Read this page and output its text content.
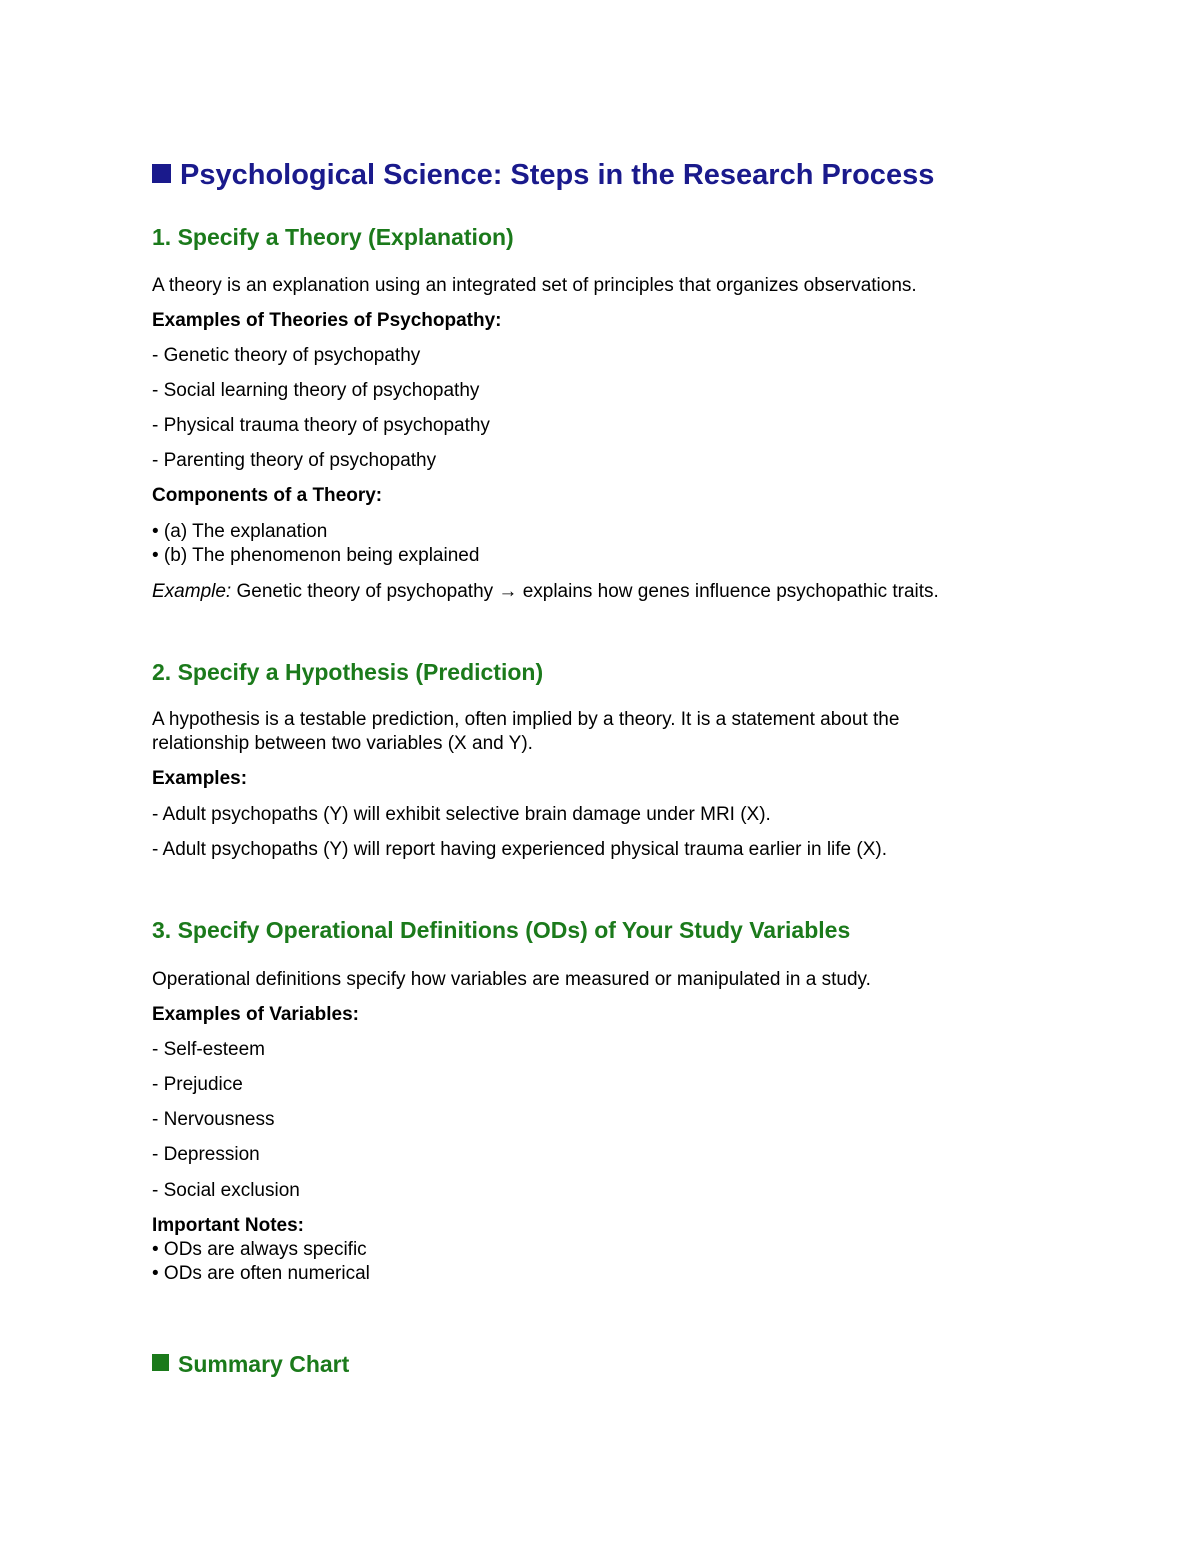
Psychological Science: Steps in the Research Process
1. Specify a Theory (Explanation)

A theory is an explanation using an integrated set of principles that organizes observations.

Examples of Theories of Psychopathy:

- Genetic theory of psychopathy

- Social learning theory of psychopathy

- Physical trauma theory of psychopathy

- Parenting theory of psychopathy

Components of a Theory:

• (a) The explanation

• (b) The phenomenon being explained

Example: Genetic theory of psychopathy → explains how genes influence psychopathic traits.

2. Specify a Hypothesis (Prediction)

A hypothesis is a testable prediction, often implied by a theory. It is a statement about the

relationship between two variables (X and Y).

Examples:

- Adult psychopaths (Y) will exhibit selective brain damage under MRI (X).

- Adult psychopaths (Y) will report having experienced physical trauma earlier in life (X).

3. Specify Operational Definitions (ODs) of Your Study Variables

Operational definitions specify how variables are measured or manipulated in a study.

Examples of Variables:

- Self-esteem

- Prejudice

- Nervousness

- Depression

- Social exclusion

Important Notes:

• ODs are always specific

• ODs are often numerical

Summary Chart
